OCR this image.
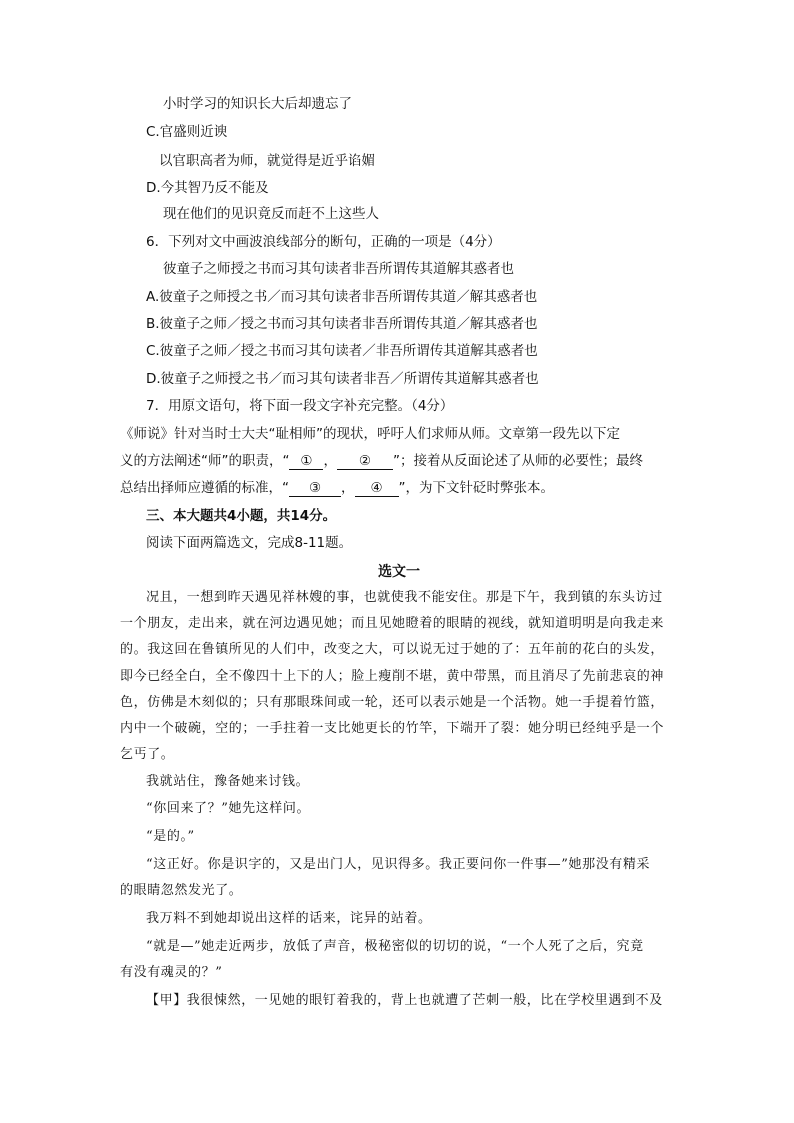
小时学习的知识长大后却遗忘了
C.官盛则近谀
以官职高者为师，就觉得是近乎谄媚
D.今其智乃反不能及
现在他们的见识竟反而赶不上这些人
6．下列对文中画波浪线部分的断句，正确的一项是（4分）
彼童子之师授之书而习其句读者非吾所谓传其道解其惑者也
A.彼童子之师授之书／而习其句读者非吾所谓传其道／解其惑者也
B.彼童子之师／授之书而习其句读者非吾所谓传其道／解其惑者也
C.彼童子之师／授之书而习其句读者／非吾所谓传其道解其惑者也
D.彼童子之师授之书／而习其句读者非吾／所谓传其道解其惑者也
7．用原文语句，将下面一段文字补充完整。（4分）
《师说》针对当时士大夫“耻相师”的现状，呼吁人们求师从师。文章第一段先以下定
义的方法阐述“师”的职责，“ ① ， ② ”；接着从反面论述了从师的必要性；最终
总结出择师应遵循的标准，“ ③ ， ④ ”，为下文针砭时弊张本。
三、本大题共4小题，共14分。
阅读下面两篇选文，完成8-11题。
选文一
况且，一想到昨天遇见祥林嫂的事，也就使我不能安住。那是下午，我到镇的东头访过
一个朋友，走出来，就在河边遇见她；而且见她瞪着的眼睛的视线，就知道明明是向我走来
的。我这回在鲁镇所见的人们中，改变之大，可以说无过于她的了：五年前的花白的头发，
即今已经全白，全不像四十上下的人；脸上瘦削不堪，黄中带黑，而且消尽了先前悲哀的神
色，仿佛是木刻似的；只有那眼珠间或一轮，还可以表示她是一个活物。她一手提着竹篮，
内中一个破碗，空的；一手拄着一支比她更长的竹竿，下端开了裂：她分明已经纯乎是一个
乞丐了。
我就站住，豫备她来讨钱。
“你回来了？”她先这样问。
“是的。”
“这正好。你是识字的，又是出门人，见识得多。我正要问你一件事—”她那没有精采
的眼睛忽然发光了。
我万料不到她却说出这样的话来，诧异的站着。
“就是—”她走近两步，放低了声音，极秘密似的切切的说，“一个人死了之后，究竟
有没有魂灵的？”
【甲】我很悚然，一见她的眼钉着我的，背上也就遭了芒刺一般，比在学校里遇到不及
